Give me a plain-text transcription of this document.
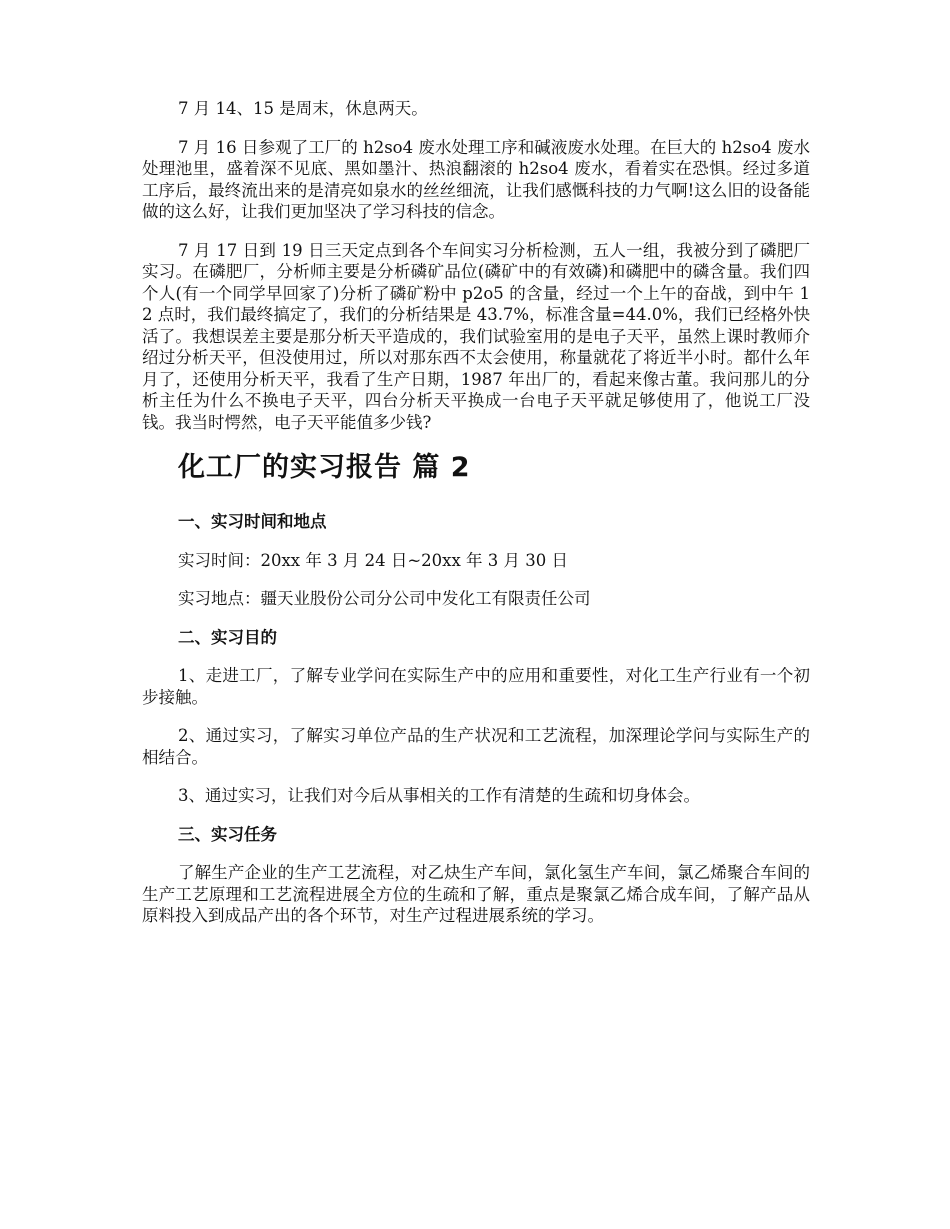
7 月 14、15 是周末，休息两天。

7 月 16 日参观了工厂的 h2so4 废水处理工序和碱液废水处理。在巨大的 h2so4 废水处理池里，盛着深不见底、黑如墨汁、热浪翻滚的 h2so4 废水，看着实在恐惧。经过多道工序后，最终流出来的是清亮如泉水的丝丝细流，让我们感慨科技的力气啊!这么旧的设备能做的这么好，让我们更加坚决了学习科技的信念。

7 月 17 日到 19 日三天定点到各个车间实习分析检测，五人一组，我被分到了磷肥厂实习。在磷肥厂，分析师主要是分析磷矿品位(磷矿中的有效磷)和磷肥中的磷含量。我们四个人(有一个同学早回家了)分析了磷矿粉中 p2o5 的含量，经过一个上午的奋战，到中午 12 点时，我们最终搞定了，我们的分析结果是 43.7%，标准含量=44.0%，我们已经格外快活了。我想误差主要是那分析天平造成的，我们试验室用的是电子天平，虽然上课时教师介绍过分析天平，但没使用过，所以对那东西不太会使用，称量就花了将近半小时。都什么年月了，还使用分析天平，我看了生产日期，1987 年出厂的，看起来像古董。我问那儿的分析主任为什么不换电子天平，四台分析天平换成一台电子天平就足够使用了，他说工厂没钱。我当时愕然，电子天平能值多少钱?

化工厂的实习报告 篇 2
一、实习时间和地点

实习时间：20xx 年 3 月 24 日~20xx 年 3 月 30 日

实习地点：疆天业股份公司分公司中发化工有限责任公司

二、实习目的

1、走进工厂，了解专业学问在实际生产中的应用和重要性，对化工生产行业有一个初步接触。

2、通过实习，了解实习单位产品的生产状况和工艺流程，加深理论学问与实际生产的相结合。

3、通过实习，让我们对今后从事相关的工作有清楚的生疏和切身体会。

三、实习任务

了解生产企业的生产工艺流程，对乙炔生产车间，氯化氢生产车间，氯乙烯聚合车间的生产工艺原理和工艺流程进展全方位的生疏和了解，重点是聚氯乙烯合成车间，了解产品从原料投入到成品产出的各个环节，对生产过程进展系统的学习。
